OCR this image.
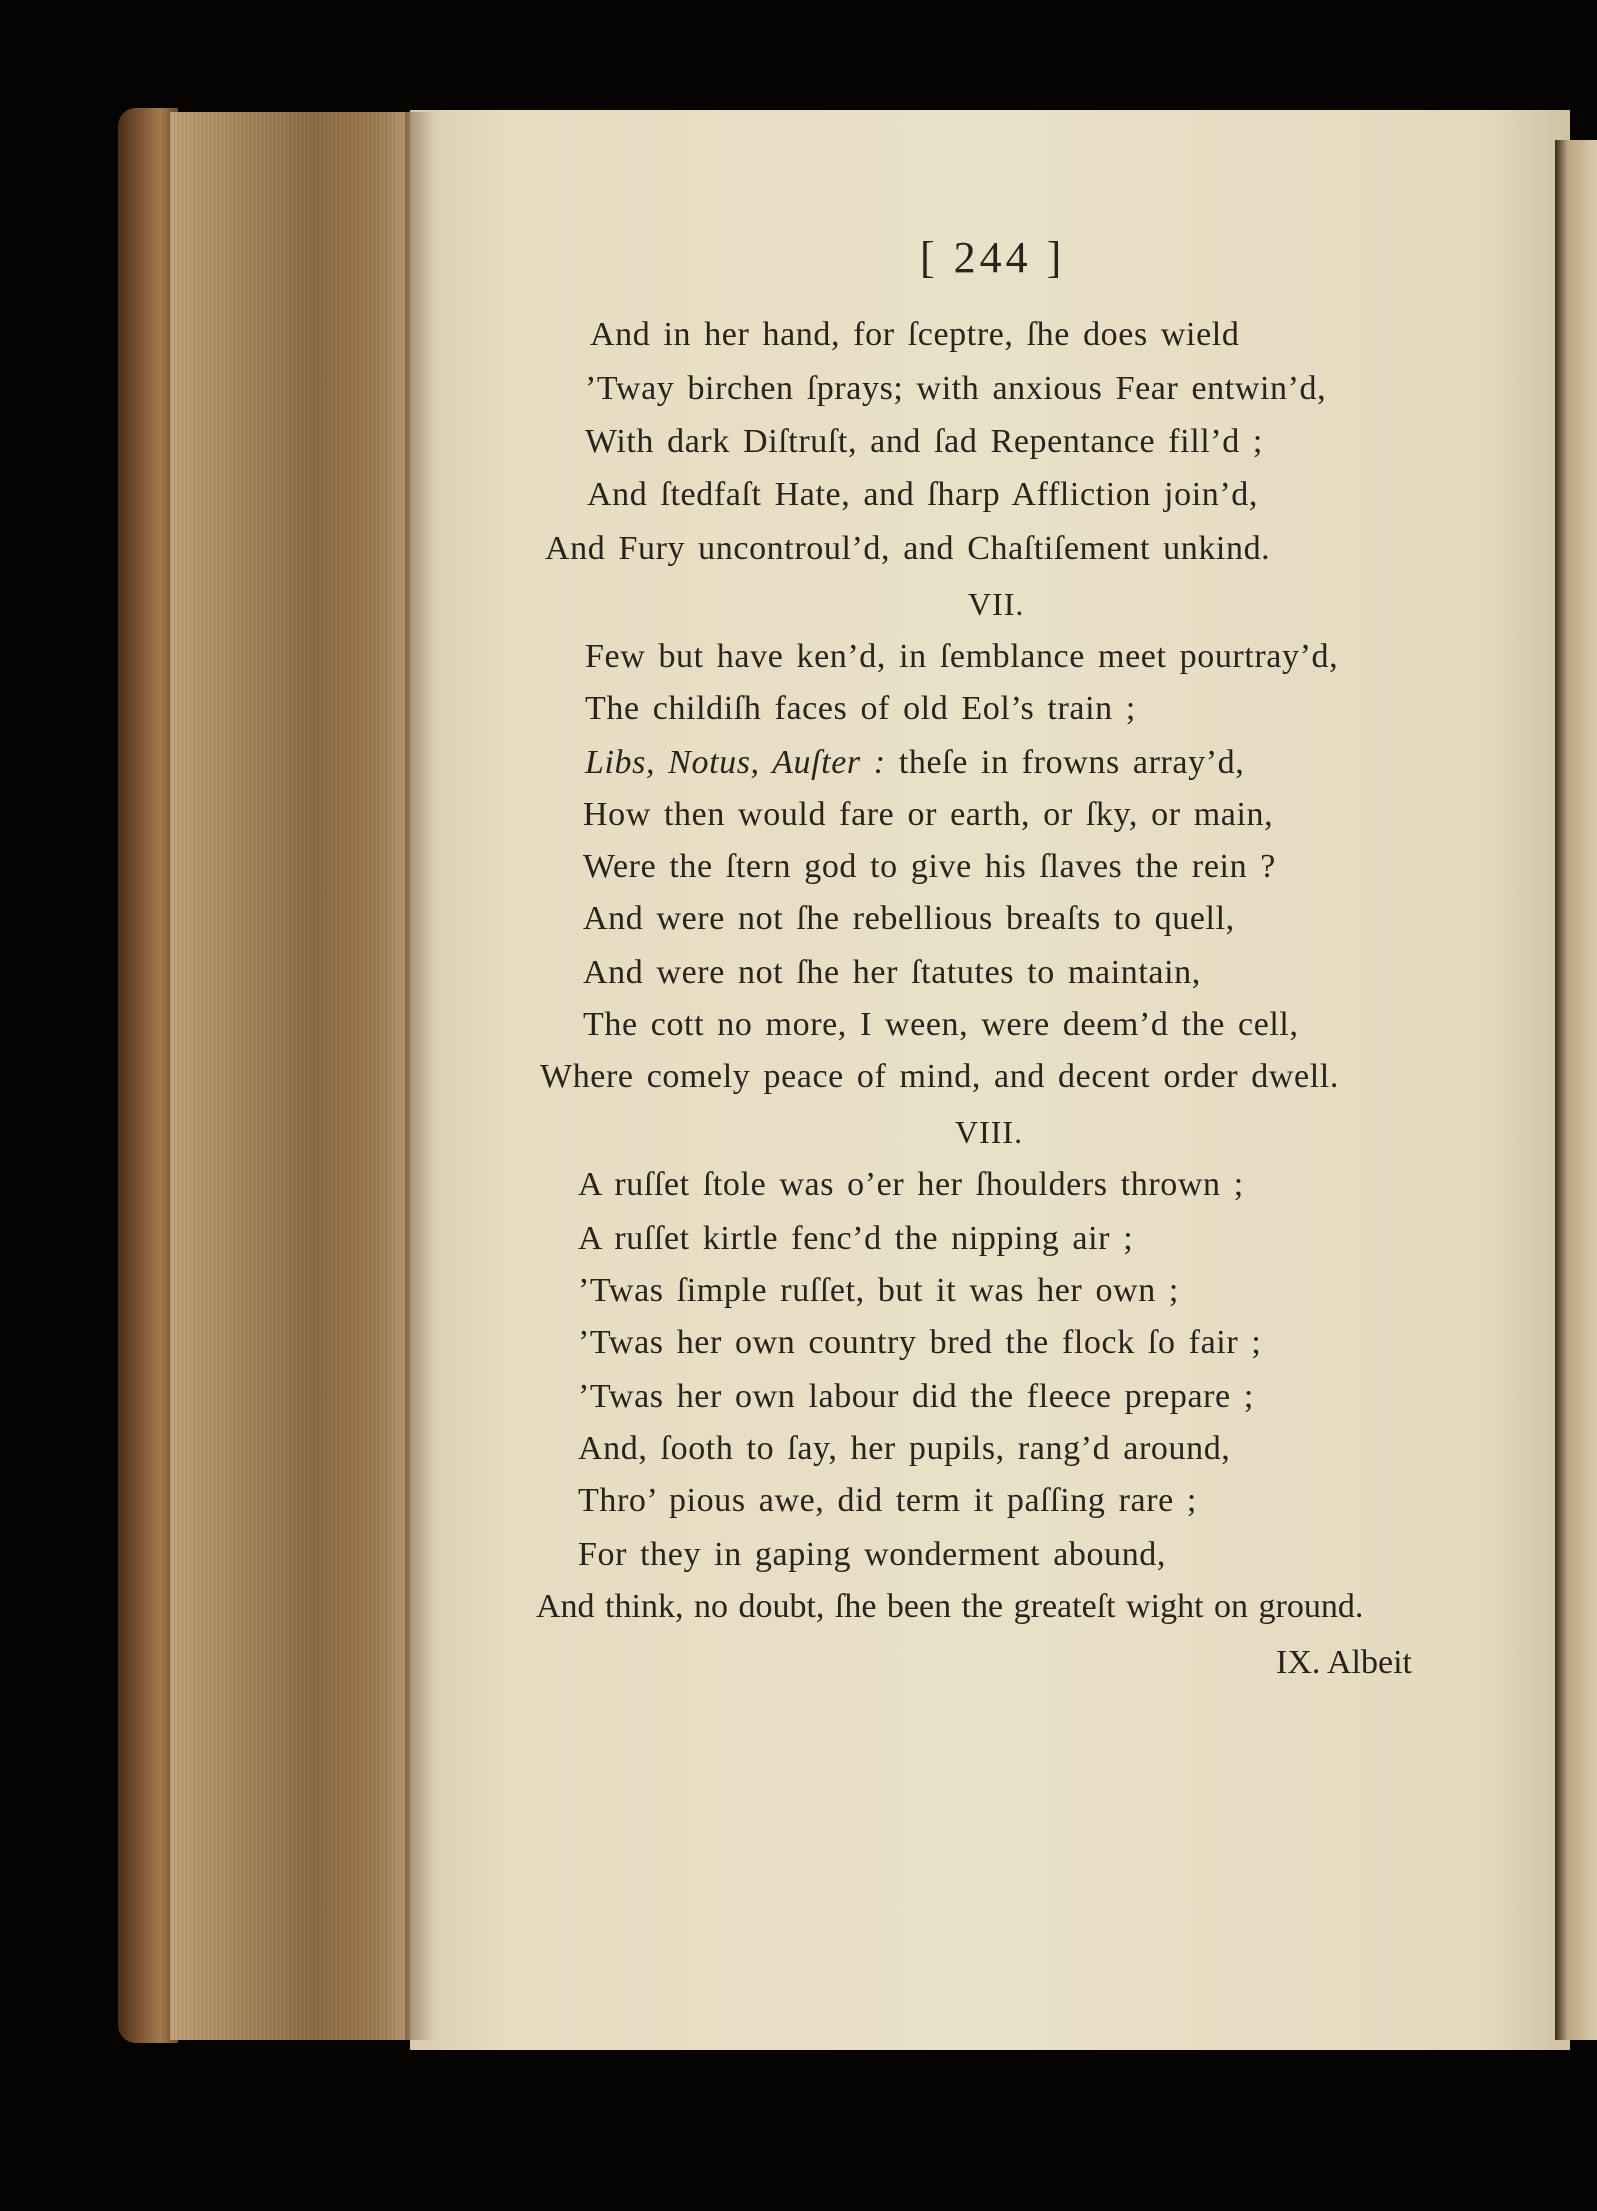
[ 244 ]
And in her hand, for ſceptre, ſhe does wield
’Tway birchen ſprays; with anxious Fear entwin’d,
With dark Diſtruſt, and ſad Repentance fill’d ;
And ſtedfaſt Hate, and ſharp Affliction join’d,
And Fury uncontroul’d, and Chaſtiſement unkind.
VII.
Few but have ken’d, in ſemblance meet pourtray’d,
The childiſh faces of old Eol’s train ;
Libs, Notus, Auſter : theſe in frowns array’d,
How then would fare or earth, or ſky, or main,
Were the ſtern god to give his ſlaves the rein ?
And were not ſhe rebellious breaſts to quell,
And were not ſhe her ſtatutes to maintain,
The cott no more, I ween, were deem’d the cell,
Where comely peace of mind, and decent order dwell.
VIII.
A ruſſet ſtole was o’er her ſhoulders thrown ;
A ruſſet kirtle fenc’d the nipping air ;
’Twas ſimple ruſſet, but it was her own ;
’Twas her own country bred the flock ſo fair ;
’Twas her own labour did the fleece prepare ;
And, ſooth to ſay, her pupils, rang’d around,
Thro’ pious awe, did term it paſſing rare ;
For they in gaping wonderment abound,
And think, no doubt, ſhe been the greateſt wight on ground.
IX. Albeit
